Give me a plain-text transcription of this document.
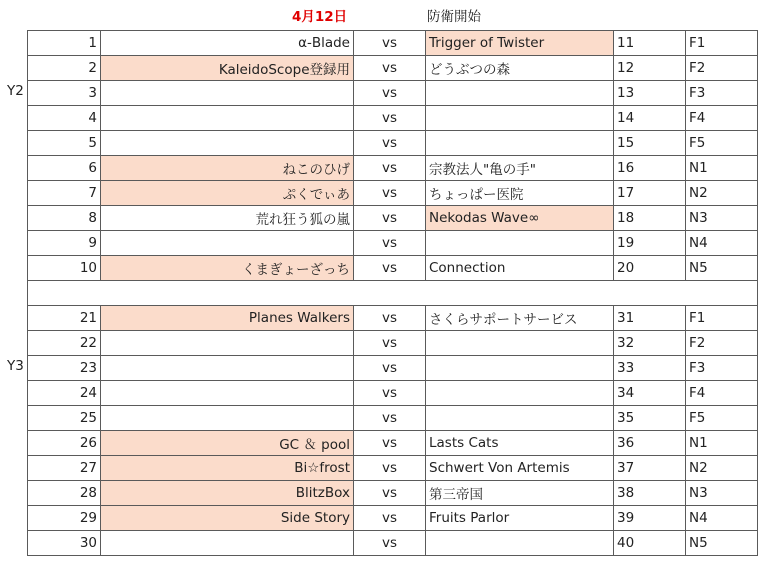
4月12日	防衛開始
Y2
Y3
1	α-Blade	vs	Trigger of Twister	11	F1
2	KaleidoScope登録用	vs	どうぶつの森	12	F2
3		vs		13	F3
4		vs		14	F4
5		vs		15	F5
6	ねこのひげ	vs	宗教法人"亀の手"	16	N1
7	ぷくでぃあ	vs	ちょっぱー医院	17	N2
8	荒れ狂う狐の嵐	vs	Nekodas Wave∞	18	N3
9		vs		19	N4
10	くまぎょーざっち	vs	Connection	20	N5

21	Planes Walkers	vs	さくらサポートサービス	31	F1
22		vs		32	F2
23		vs		33	F3
24		vs		34	F4
25		vs		35	F5
26	GC ＆ pool	vs	Lasts Cats	36	N1
27	Bi☆frost	vs	Schwert Von Artemis	37	N2
28	BlitzBox	vs	第三帝国	38	N3
29	Side Story	vs	Fruits Parlor	39	N4
30		vs		40	N5
